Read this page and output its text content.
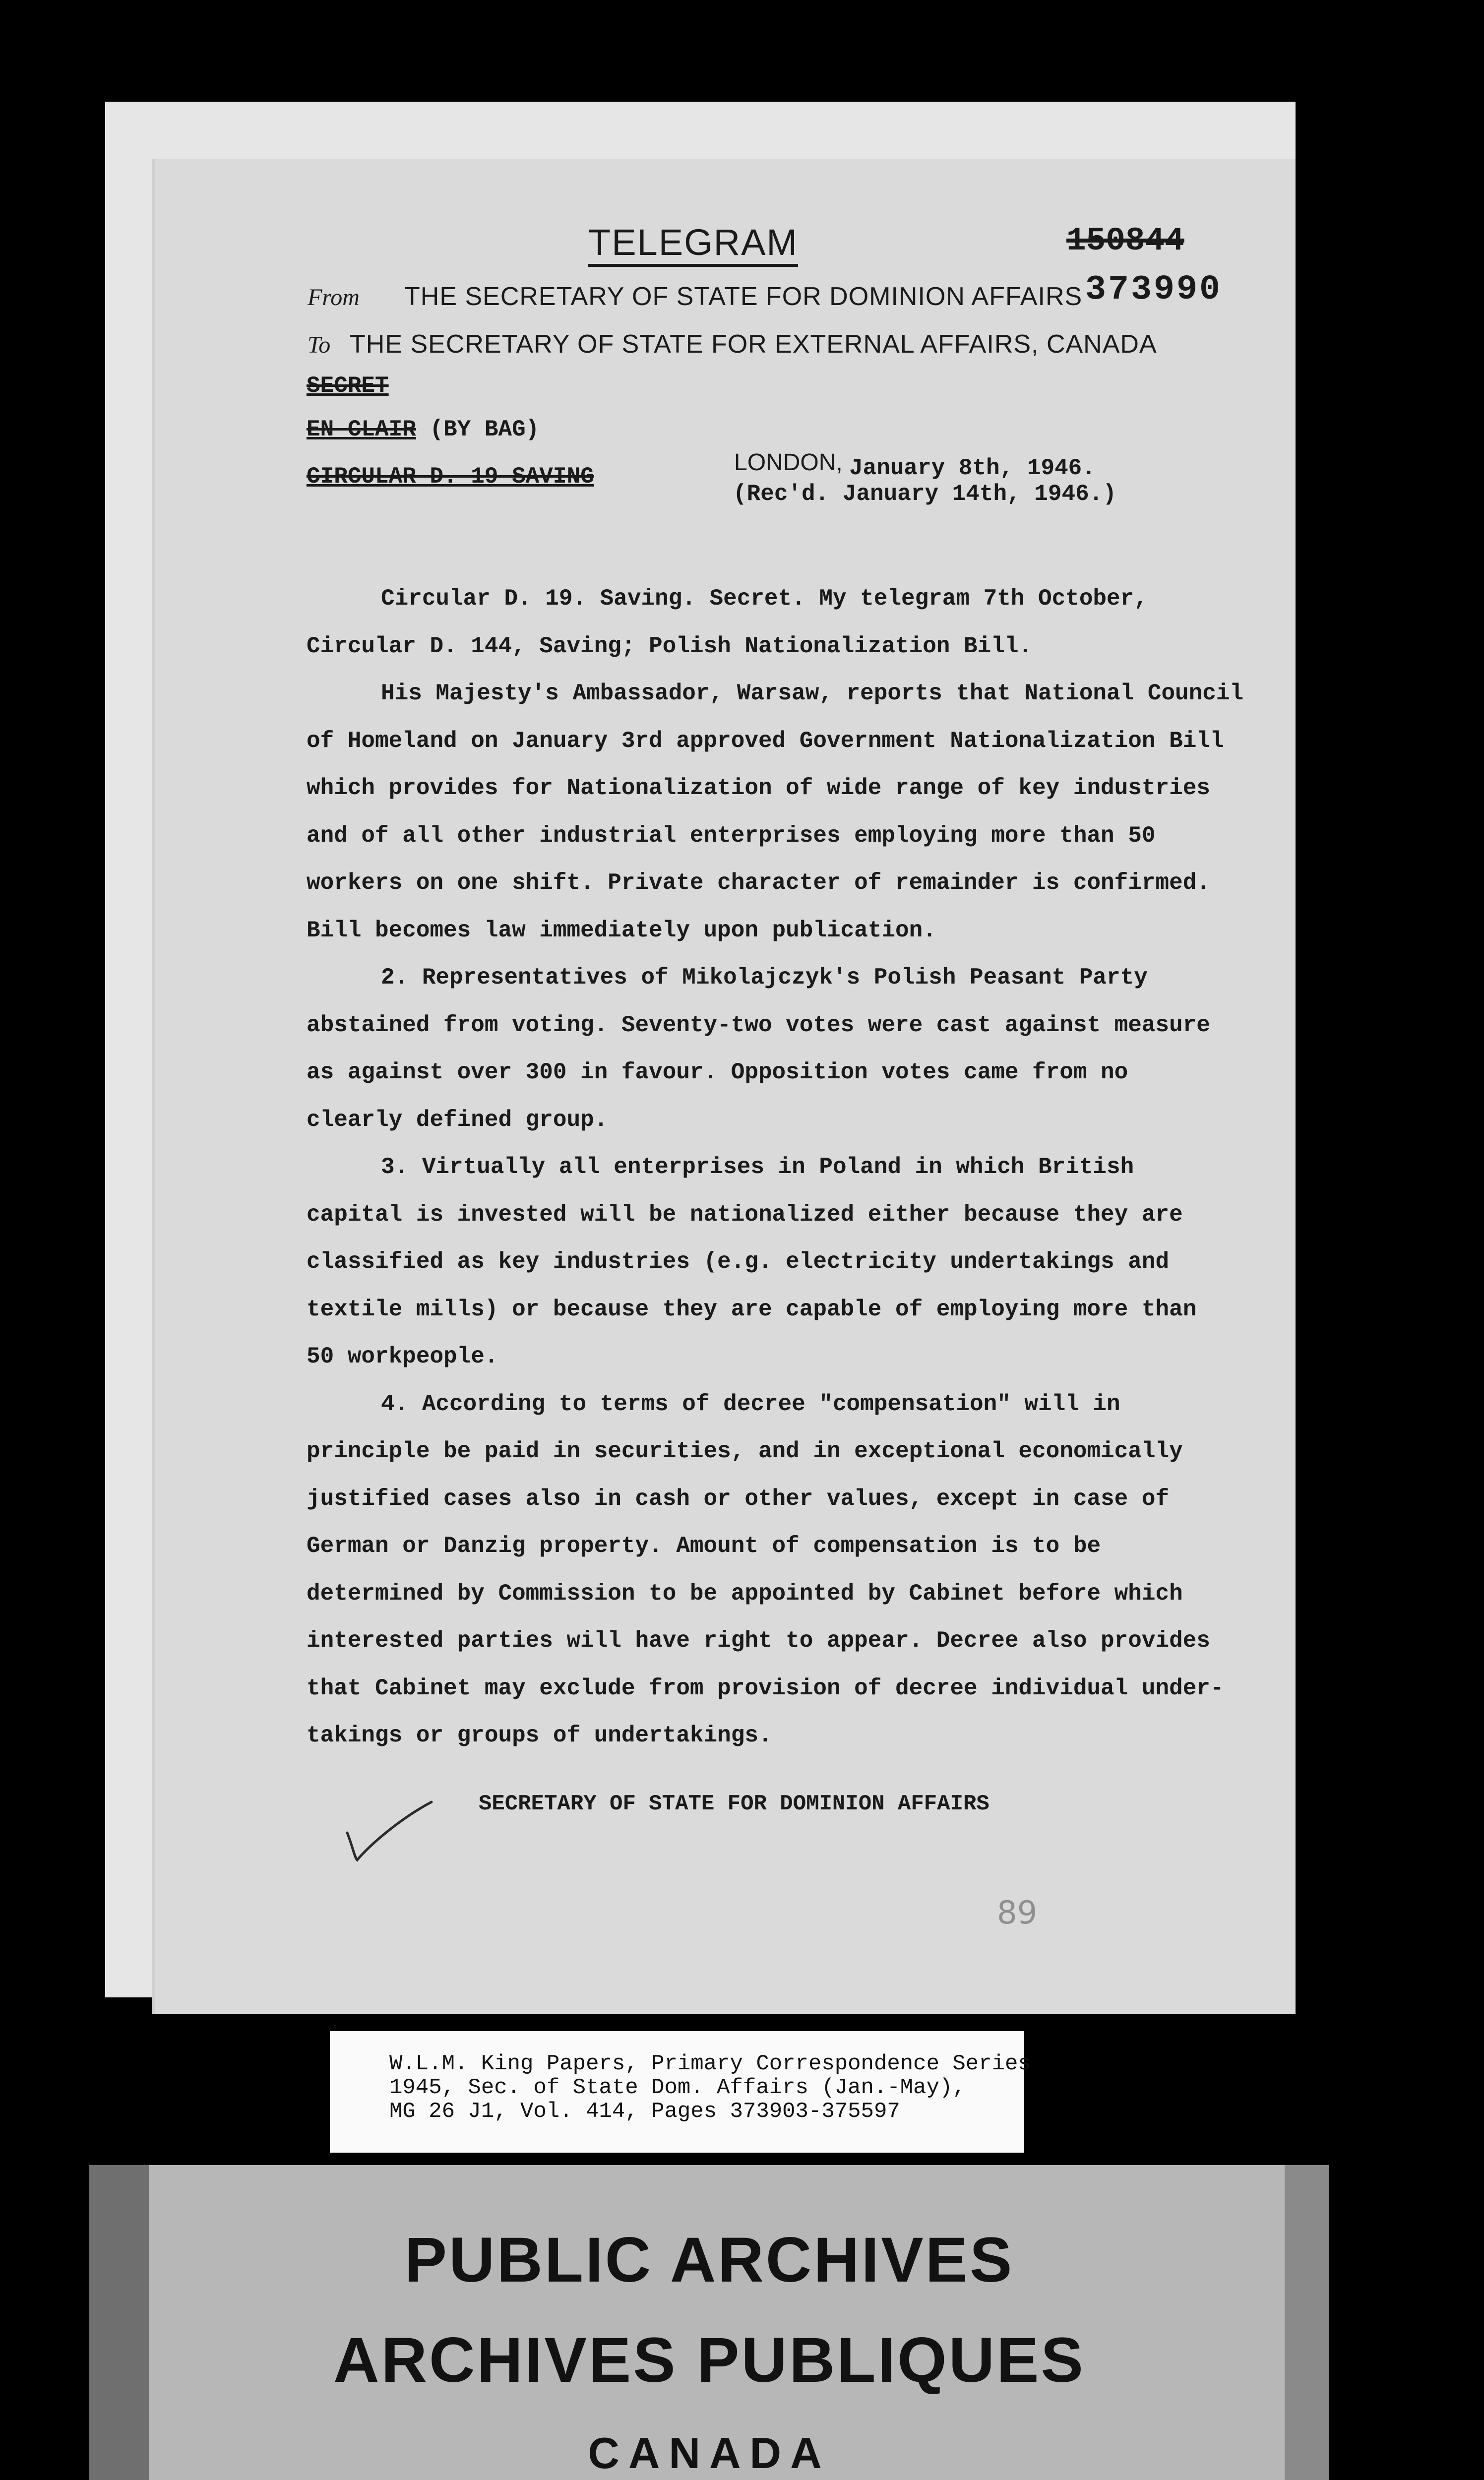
TELEGRAM	150844
373990
From THE SECRETARY OF STATE FOR DOMINION AFFAIRS
To THE SECRETARY OF STATE FOR EXTERNAL AFFAIRS, CANADA
SECRET
EN CLAIR (BY BAG)
CIRCULAR D. 19 SAVING
LONDON, January 8th, 1946.
(Rec'd. January 14th, 1946.)

Circular D. 19. Saving. Secret. My telegram 7th October,

Circular D. 144, Saving; Polish Nationalization Bill.

His Majesty's Ambassador, Warsaw, reports that National Council

of Homeland on January 3rd approved Government Nationalization Bill

which provides for Nationalization of wide range of key industries

and of all other industrial enterprises employing more than 50

workers on one shift. Private character of remainder is confirmed.

Bill becomes law immediately upon publication.

2. Representatives of Mikolajczyk's Polish Peasant Party

abstained from voting. Seventy-two votes were cast against measure

as against over 300 in favour. Opposition votes came from no

clearly defined group.

3. Virtually all enterprises in Poland in which British

capital is invested will be nationalized either because they are

classified as key industries (e.g. electricity undertakings and

textile mills) or because they are capable of employing more than

50 workpeople.

4. According to terms of decree "compensation" will in

principle be paid in securities, and in exceptional economically

justified cases also in cash or other values, except in case of

German or Danzig property. Amount of compensation is to be

determined by Commission to be appointed by Cabinet before which

interested parties will have right to appear. Decree also provides

that Cabinet may exclude from provision of decree individual under-

takings or groups of undertakings.

SECRETARY OF STATE FOR DOMINION AFFAIRS
89
W.L.M. King Papers, Primary Correspondence Series
1945, Sec. of State Dom. Affairs (Jan.-May),
MG 26 J1, Vol. 414, Pages 373903-375597
PUBLIC ARCHIVES
ARCHIVES PUBLIQUES
CANADA
